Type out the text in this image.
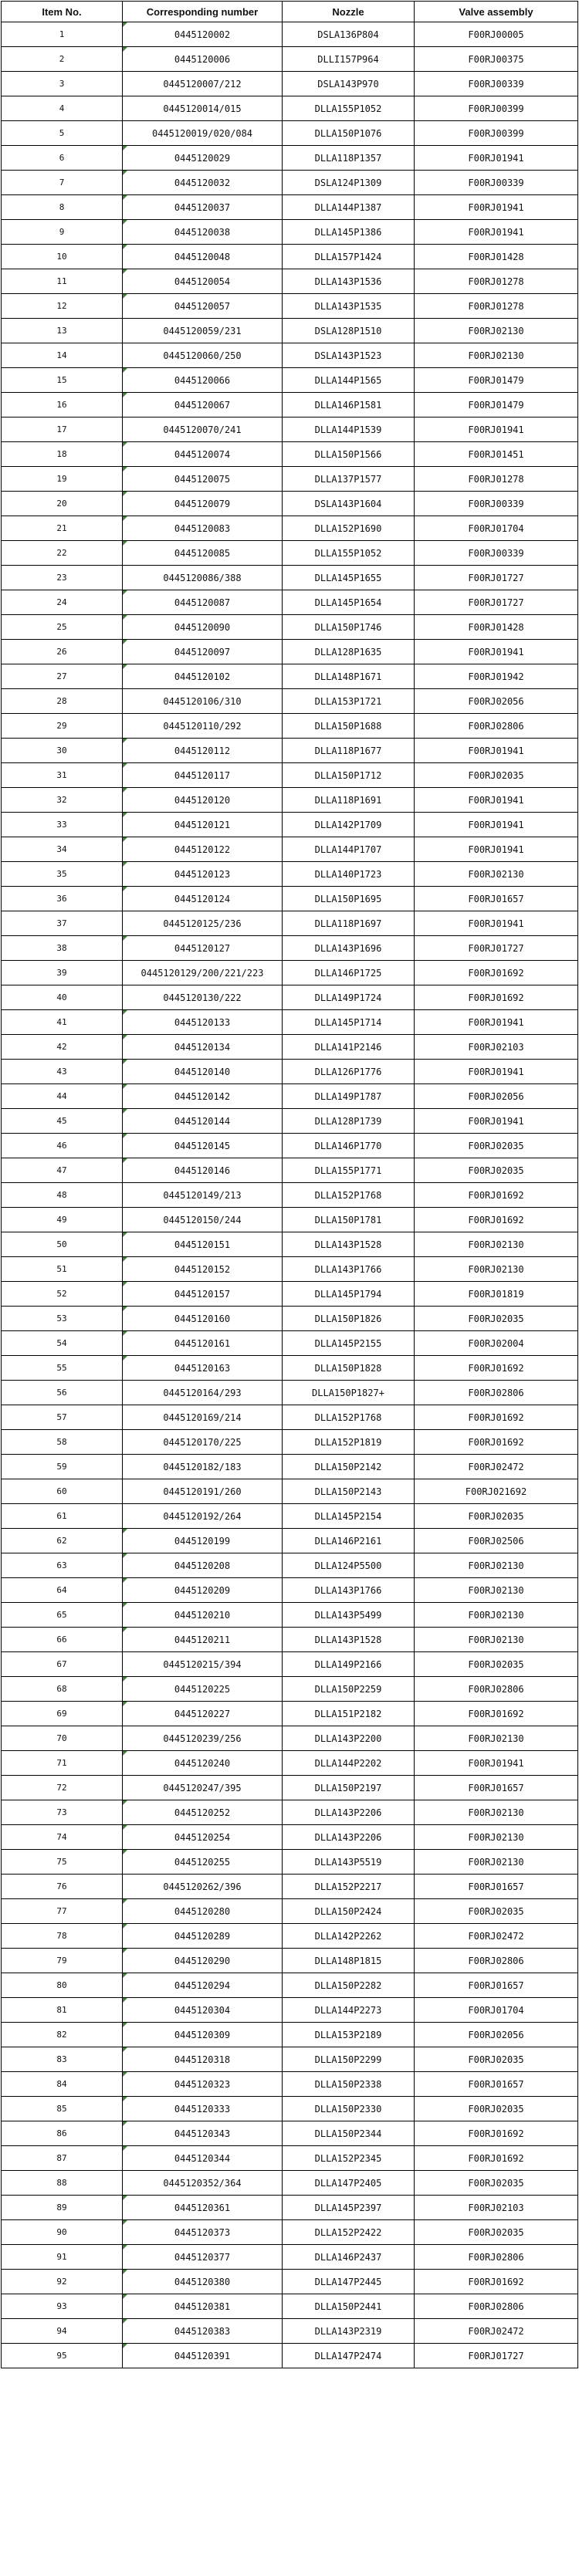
Item No.	Corresponding number	Nozzle	Valve assembly
1	0445120002	DSLA136P804	F00RJ00005
2	0445120006	DLLI157P964	F00RJ00375
3	0445120007/212	DSLA143P970	F00RJ00339
4	0445120014/015	DLLA155P1052	F00RJ00399
5	0445120019/020/084	DLLA150P1076	F00RJ00399
6	0445120029	DLLA118P1357	F00RJ01941
7	0445120032	DSLA124P1309	F00RJ00339
8	0445120037	DLLA144P1387	F00RJ01941
9	0445120038	DLLA145P1386	F00RJ01941
10	0445120048	DLLA157P1424	F00RJ01428
11	0445120054	DLLA143P1536	F00RJ01278
12	0445120057	DLLA143P1535	F00RJ01278
13	0445120059/231	DSLA128P1510	F00RJ02130
14	0445120060/250	DSLA143P1523	F00RJ02130
15	0445120066	DLLA144P1565	F00RJ01479
16	0445120067	DLLA146P1581	F00RJ01479
17	0445120070/241	DLLA144P1539	F00RJ01941
18	0445120074	DLLA150P1566	F00RJ01451
19	0445120075	DLLA137P1577	F00RJ01278
20	0445120079	DSLA143P1604	F00RJ00339
21	0445120083	DLLA152P1690	F00RJ01704
22	0445120085	DLLA155P1052	F00RJ00339
23	0445120086/388	DLLA145P1655	F00RJ01727
24	0445120087	DLLA145P1654	F00RJ01727
25	0445120090	DLLA150P1746	F00RJ01428
26	0445120097	DLLA128P1635	F00RJ01941
27	0445120102	DLLA148P1671	F00RJ01942
28	0445120106/310	DLLA153P1721	F00RJ02056
29	0445120110/292	DLLA150P1688	F00RJ02806
30	0445120112	DLLA118P1677	F00RJ01941
31	0445120117	DLLA150P1712	F00RJ02035
32	0445120120	DLLA118P1691	F00RJ01941
33	0445120121	DLLA142P1709	F00RJ01941
34	0445120122	DLLA144P1707	F00RJ01941
35	0445120123	DLLA140P1723	F00RJ02130
36	0445120124	DLLA150P1695	F00RJ01657
37	0445120125/236	DLLA118P1697	F00RJ01941
38	0445120127	DLLA143P1696	F00RJ01727
39	0445120129/200/221/223	DLLA146P1725	F00RJ01692
40	0445120130/222	DLLA149P1724	F00RJ01692
41	0445120133	DLLA145P1714	F00RJ01941
42	0445120134	DLLA141P2146	F00RJ02103
43	0445120140	DLLA126P1776	F00RJ01941
44	0445120142	DLLA149P1787	F00RJ02056
45	0445120144	DLLA128P1739	F00RJ01941
46	0445120145	DLLA146P1770	F00RJ02035
47	0445120146	DLLA155P1771	F00RJ02035
48	0445120149/213	DLLA152P1768	F00RJ01692
49	0445120150/244	DLLA150P1781	F00RJ01692
50	0445120151	DLLA143P1528	F00RJ02130
51	0445120152	DLLA143P1766	F00RJ02130
52	0445120157	DLLA145P1794	F00RJ01819
53	0445120160	DLLA150P1826	F00RJ02035
54	0445120161	DLLA145P2155	F00RJ02004
55	0445120163	DLLA150P1828	F00RJ01692
56	0445120164/293	DLLA150P1827+	F00RJ02806
57	0445120169/214	DLLA152P1768	F00RJ01692
58	0445120170/225	DLLA152P1819	F00RJ01692
59	0445120182/183	DLLA150P2142	F00RJ02472
60	0445120191/260	DLLA150P2143	F00RJ021692
61	0445120192/264	DLLA145P2154	F00RJ02035
62	0445120199	DLLA146P2161	F00RJ02506
63	0445120208	DLLA124P5500	F00RJ02130
64	0445120209	DLLA143P1766	F00RJ02130
65	0445120210	DLLA143P5499	F00RJ02130
66	0445120211	DLLA143P1528	F00RJ02130
67	0445120215/394	DLLA149P2166	F00RJ02035
68	0445120225	DLLA150P2259	F00RJ02806
69	0445120227	DLLA151P2182	F00RJ01692
70	0445120239/256	DLLA143P2200	F00RJ02130
71	0445120240	DLLA144P2202	F00RJ01941
72	0445120247/395	DLLA150P2197	F00RJ01657
73	0445120252	DLLA143P2206	F00RJ02130
74	0445120254	DLLA143P2206	F00RJ02130
75	0445120255	DLLA143P5519	F00RJ02130
76	0445120262/396	DLLA152P2217	F00RJ01657
77	0445120280	DLLA150P2424	F00RJ02035
78	0445120289	DLLA142P2262	F00RJ02472
79	0445120290	DLLA148P1815	F00RJ02806
80	0445120294	DLLA150P2282	F00RJ01657
81	0445120304	DLLA144P2273	F00RJ01704
82	0445120309	DLLA153P2189	F00RJ02056
83	0445120318	DLLA150P2299	F00RJ02035
84	0445120323	DLLA150P2338	F00RJ01657
85	0445120333	DLLA150P2330	F00RJ02035
86	0445120343	DLLA150P2344	F00RJ01692
87	0445120344	DLLA152P2345	F00RJ01692
88	0445120352/364	DLLA147P2405	F00RJ02035
89	0445120361	DLLA145P2397	F00RJ02103
90	0445120373	DLLA152P2422	F00RJ02035
91	0445120377	DLLA146P2437	F00RJ02806
92	0445120380	DLLA147P2445	F00RJ01692
93	0445120381	DLLA150P2441	F00RJ02806
94	0445120383	DLLA143P2319	F00RJ02472
95	0445120391	DLLA147P2474	F00RJ01727
